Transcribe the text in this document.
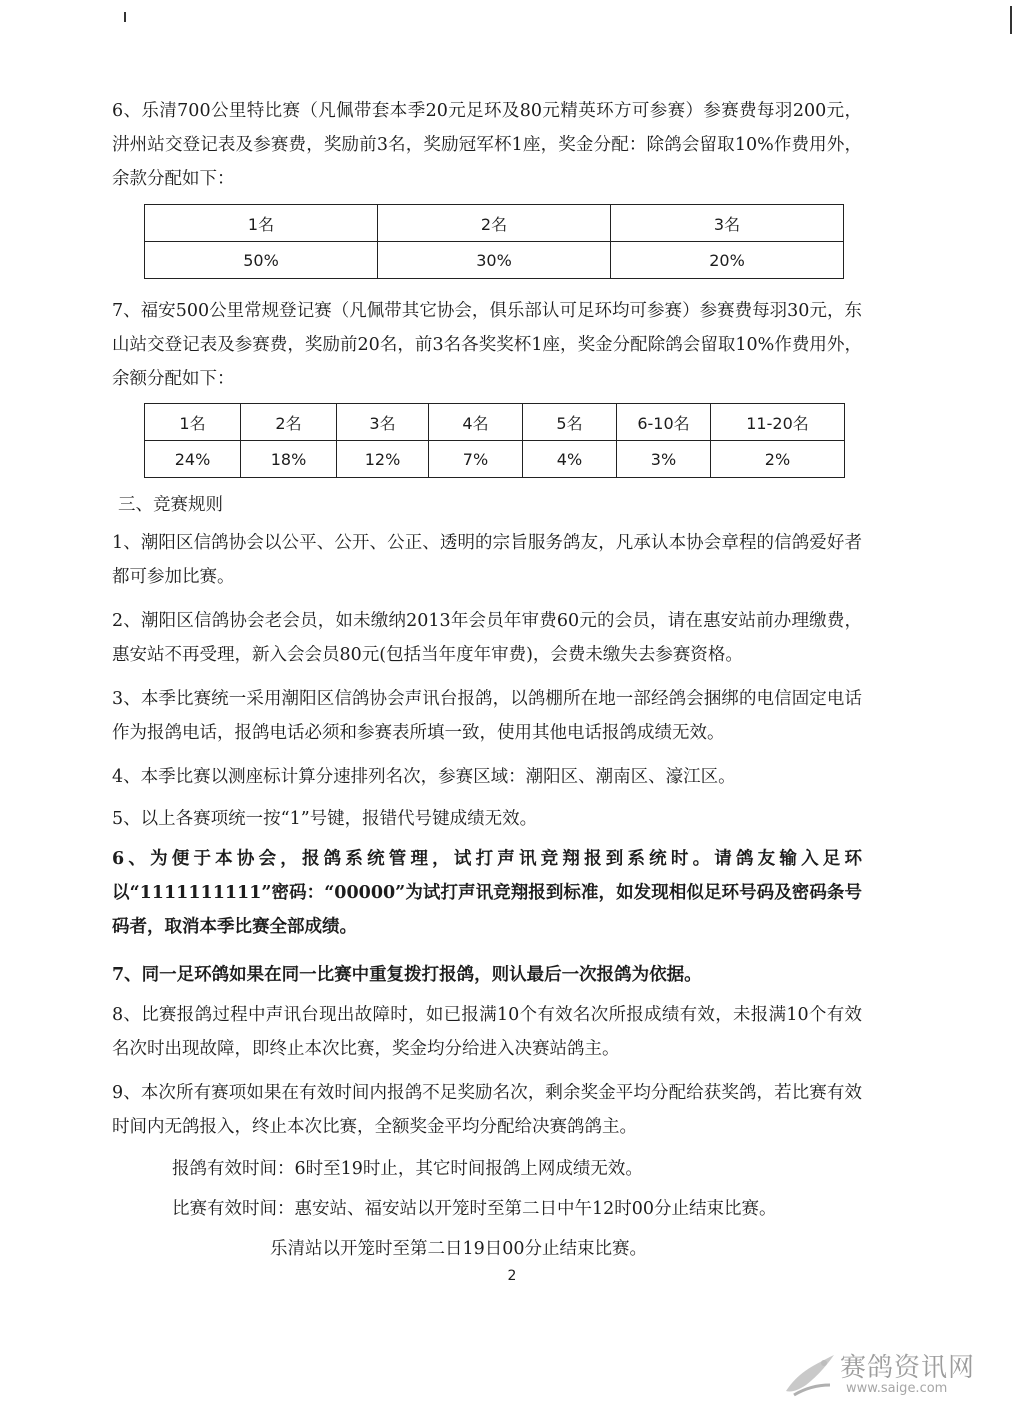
6、乐清700公里特比赛（凡佩带套本季20元足环及80元精英环方可参赛）参赛费每羽200元，汫州站交登记表及参赛费，奖励前3名，奖励冠军杯1座，奖金分配：除鸽会留取10%作费用外，余款分配如下：

1名	2名	3名
50%	30%	20%

7、福安500公里常规登记赛（凡佩带其它协会，俱乐部认可足环均可参赛）参赛费每羽30元，东山站交登记表及参赛费，奖励前20名，前3名各奖奖杯1座，奖金分配除鸽会留取10%作费用外，余额分配如下：

1名	2名	3名	4名	5名	6-10名	11-20名
24%	18%	12%	7%	4%	3%	2%
三、竞赛规则

1、潮阳区信鸽协会以公平、公开、公正、透明的宗旨服务鸽友，凡承认本协会章程的信鸽爱好者都可参加比赛。

2、潮阳区信鸽协会老会员，如未缴纳2013年会员年审费60元的会员，请在惠安站前办理缴费，惠安站不再受理，新入会会员80元(包括当年度年审费)，会费未缴失去参赛资格。

3、本季比赛统一采用潮阳区信鸽协会声讯台报鸽，以鸽棚所在地一部经鸽会捆绑的电信固定电话作为报鸽电话，报鸽电话必须和参赛表所填一致，使用其他电话报鸽成绩无效。

4、本季比赛以测座标计算分速排列名次，参赛区域：潮阳区、潮南区、濠江区。

5、以上各赛项统一按“1”号键，报错代号键成绩无效。

6、为便于本协会，报鸽系统管理，试打声讯竞翔报到系统时。请鸽友输入足环以“1111111111”密码：“00000”为试打声讯竞翔报到标准，如发现相似足环号码及密码条号码者，取消本季比赛全部成绩。

7、同一足环鸽如果在同一比赛中重复拨打报鸽，则认最后一次报鸽为依据。

8、比赛报鸽过程中声讯台现出故障时，如已报满10个有效名次所报成绩有效，未报满10个有效名次时出现故障，即终止本次比赛，奖金均分给进入决赛站鸽主。

9、本次所有赛项如果在有效时间内报鸽不足奖励名次，剩余奖金平均分配给获奖鸽，若比赛有效时间内无鸽报入，终止本次比赛，全额奖金平均分配给决赛鸽鸽主。

报鸽有效时间：6时至19时止，其它时间报鸽上网成绩无效。
比赛有效时间：惠安站、福安站以开笼时至第二日中午12时00分止结束比赛。
乐清站以开笼时至第二日19日00分止结束比赛。
2
赛鸽资讯网
www.saige.com
